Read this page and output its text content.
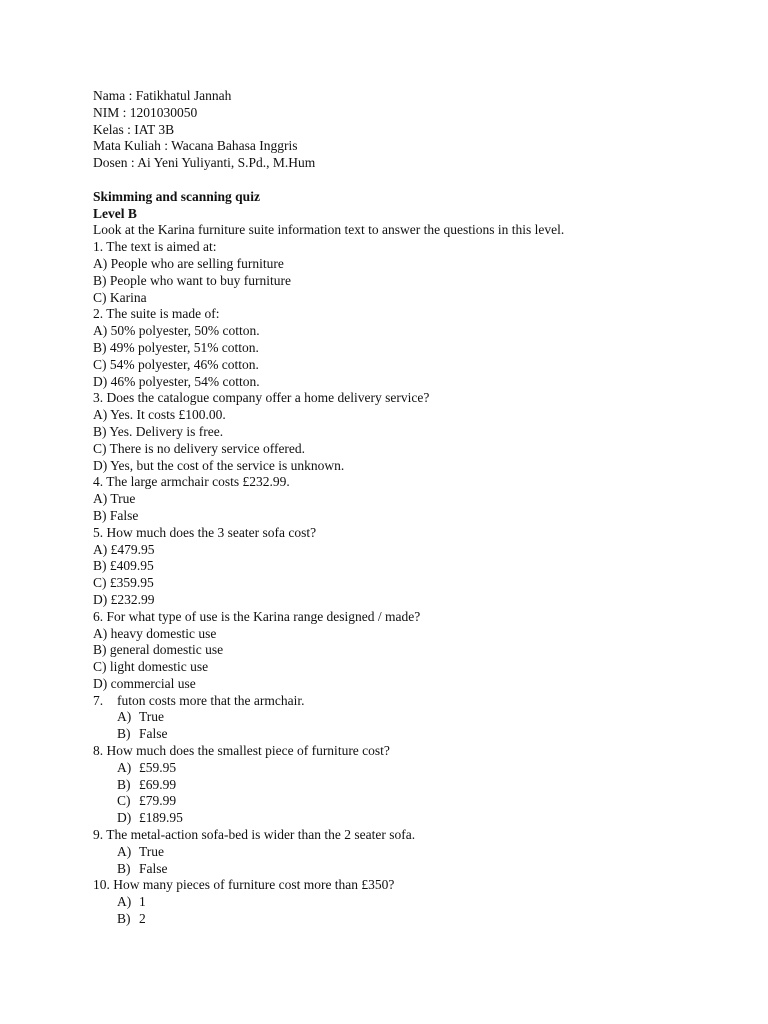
Nama : Fatikhatul Jannah
NIM : 1201030050
Kelas : IAT 3B
Mata Kuliah : Wacana Bahasa Inggris
Dosen : Ai Yeni Yuliyanti, S.Pd., M.Hum
Skimming and scanning quiz
Level B
Look at the Karina furniture suite information text to answer the questions in this level.
1. The text is aimed at:
A) People who are selling furniture
B) People who want to buy furniture
C) Karina
2. The suite is made of:
A) 50% polyester, 50% cotton.
B) 49% polyester, 51% cotton.
C) 54% polyester, 46% cotton.
D) 46% polyester, 54% cotton.
3. Does the catalogue company offer a home delivery service?
A) Yes. It costs £100.00.
B) Yes. Delivery is free.
C) There is no delivery service offered.
D) Yes, but the cost of the service is unknown.
4. The large armchair costs £232.99.
A) True
B) False
5. How much does the 3 seater sofa cost?
A) £479.95
B) £409.95
C) £359.95
D) £232.99
6. For what type of use is the Karina range designed / made?
A) heavy domestic use
B) general domestic use
C) light domestic use
D) commercial use
7. futon costs more that the armchair.
A) True
B) False
8. How much does the smallest piece of furniture cost?
A) £59.95
B) £69.99
C) £79.99
D) £189.95
9. The metal-action sofa-bed is wider than the 2 seater sofa.
A) True
B) False
10. How many pieces of furniture cost more than £350?
A) 1
B) 2
